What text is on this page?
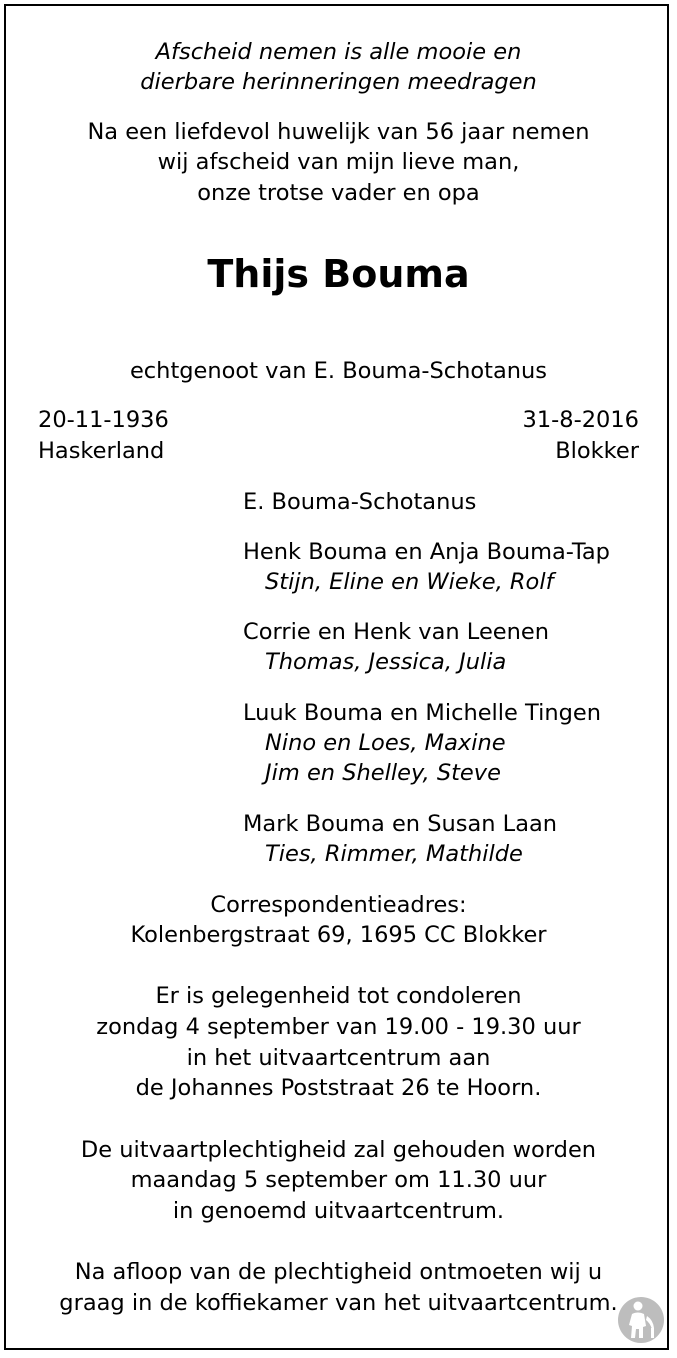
Afscheid nemen is alle mooie en
dierbare herinneringen meedragen
Na een liefdevol huwelijk van 56 jaar nemen
wij afscheid van mijn lieve man,
onze trotse vader en opa
Thijs Bouma
echtgenoot van E. Bouma-Schotanus
20-11-1936
Haskerland
31-8-2016
Blokker
E. Bouma-Schotanus
Henk Bouma en Anja Bouma-Tap
Stijn, Eline en Wieke, Rolf
Corrie en Henk van Leenen
Thomas, Jessica, Julia
Luuk Bouma en Michelle Tingen
Nino en Loes, Maxine
Jim en Shelley, Steve
Mark Bouma en Susan Laan
Ties, Rimmer, Mathilde
Correspondentieadres:
Kolenbergstraat 69, 1695 CC Blokker
Er is gelegenheid tot condoleren
zondag 4 september van 19.00 - 19.30 uur
in het uitvaartcentrum aan
de Johannes Poststraat 26 te Hoorn.
De uitvaartplechtigheid zal gehouden worden
maandag 5 september om 11.30 uur
in genoemd uitvaartcentrum.
Na afloop van de plechtigheid ontmoeten wij u
graag in de koffiekamer van het uitvaartcentrum.
